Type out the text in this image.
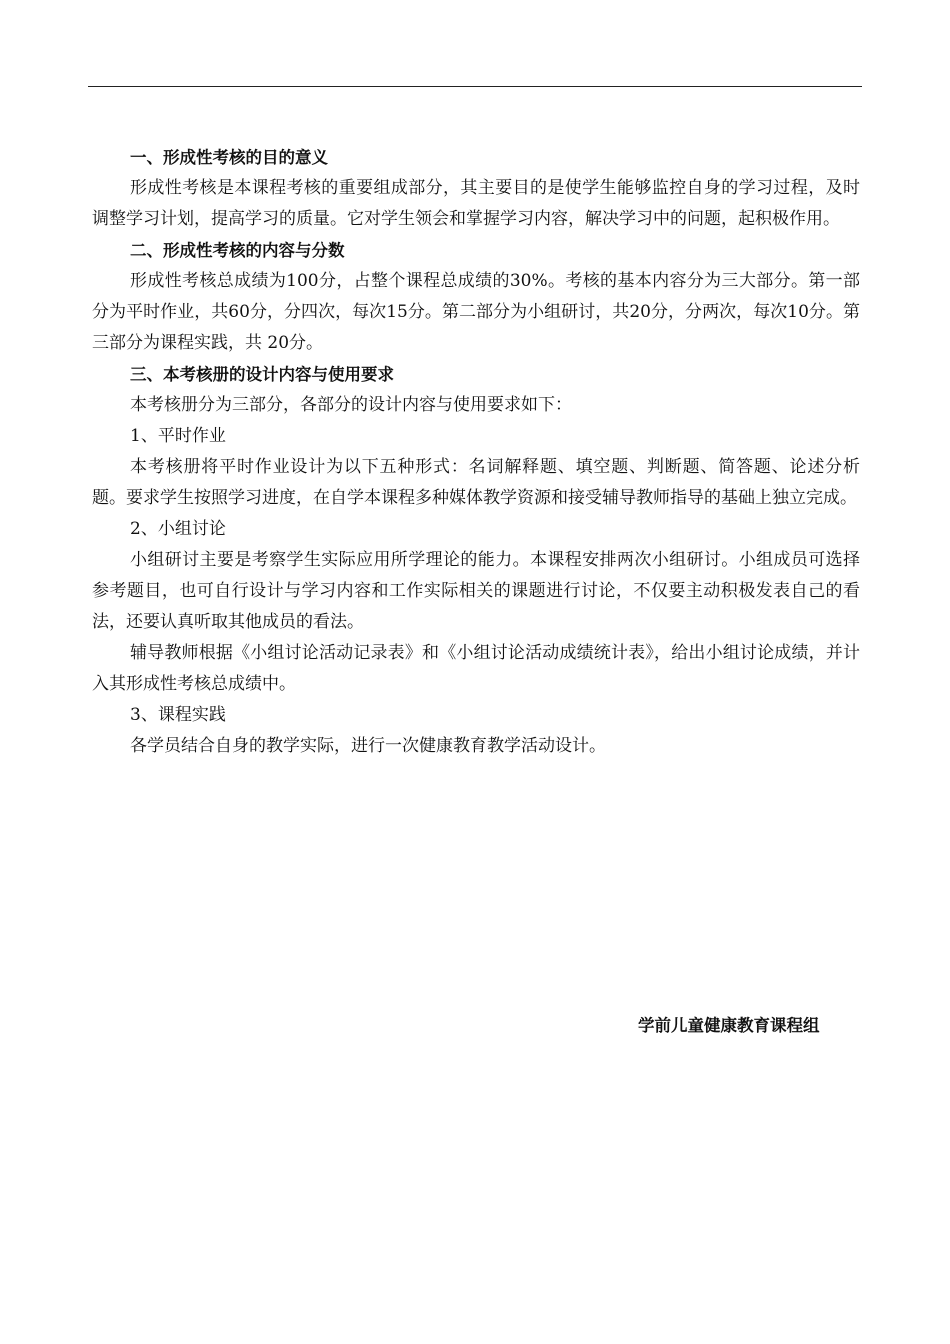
一、形成性考核的目的意义

形成性考核是本课程考核的重要组成部分，其主要目的是使学生能够监控自身的学习过程，及时调整学习计划，提高学习的质量。它对学生领会和掌握学习内容，解决学习中的问题，起积极作用。

二、形成性考核的内容与分数

形成性考核总成绩为100分，占整个课程总成绩的30%。考核的基本内容分为三大部分。第一部分为平时作业，共60分，分四次，每次15分。第二部分为小组研讨，共20分，分两次，每次10分。第三部分为课程实践，共 20分。

三、本考核册的设计内容与使用要求

本考核册分为三部分，各部分的设计内容与使用要求如下：

1、平时作业

本考核册将平时作业设计为以下五种形式：名词解释题、填空题、判断题、简答题、论述分析题。要求学生按照学习进度，在自学本课程多种媒体教学资源和接受辅导教师指导的基础上独立完成。

2、小组讨论

小组研讨主要是考察学生实际应用所学理论的能力。本课程安排两次小组研讨。小组成员可选择参考题目，也可自行设计与学习内容和工作实际相关的课题进行讨论，不仅要主动积极发表自己的看法，还要认真听取其他成员的看法。

辅导教师根据《小组讨论活动记录表》和《小组讨论活动成绩统计表》，给出小组讨论成绩，并计入其形成性考核总成绩中。

3、课程实践

各学员结合自身的教学实际，进行一次健康教育教学活动设计。

学前儿童健康教育课程组
